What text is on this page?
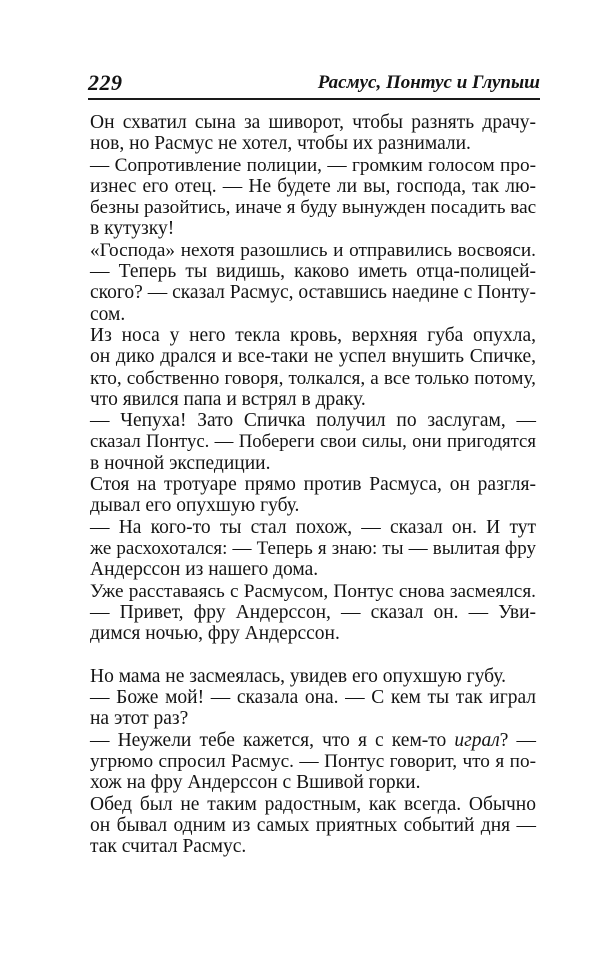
229	Расмус, Понтус и Глупыш
Он схватил сына за шиворот, чтобы разнять драчу-
нов, но Расмус не хотел, чтобы их разнимали.
— Сопротивление полиции, — громким голосом про-
изнес его отец. — Не будете ли вы, господа, так лю-
безны разойтись, иначе я буду вынужден посадить вас
в кутузку!
«Господа» нехотя разошлись и отправились восвояси.
— Теперь ты видишь, каково иметь отца-полицей-
ского? — сказал Расмус, оставшись наедине с Понту-
сом.
Из носа у него текла кровь, верхняя губа опухла,
он дико дрался и все-таки не успел внушить Спичке,
кто, собственно говоря, толкался, а все только потому,
что явился папа и встрял в драку.
— Чепуха! Зато Спичка получил по заслугам, —
сказал Понтус. — Побереги свои силы, они пригодятся
в ночной экспедиции.
Стоя на тротуаре прямо против Расмуса, он разгля-
дывал его опухшую губу.
— На кого-то ты стал похож, — сказал он. И тут
же расхохотался: — Теперь я знаю: ты — вылитая фру
Андерссон из нашего дома.
Уже расставаясь с Расмусом, Понтус снова засмеялся.
— Привет, фру Андерссон, — сказал он. — Уви-
димся ночью, фру Андерссон.
Но мама не засмеялась, увидев его опухшую губу.
— Боже мой! — сказала она. — С кем ты так играл
на этот раз?
— Неужели тебе кажется, что я с кем-то играл? —
угрюмо спросил Расмус. — Понтус говорит, что я по-
хож на фру Андерссон с Вшивой горки.
Обед был не таким радостным, как всегда. Обычно
он бывал одним из самых приятных событий дня —
так считал Расмус.
